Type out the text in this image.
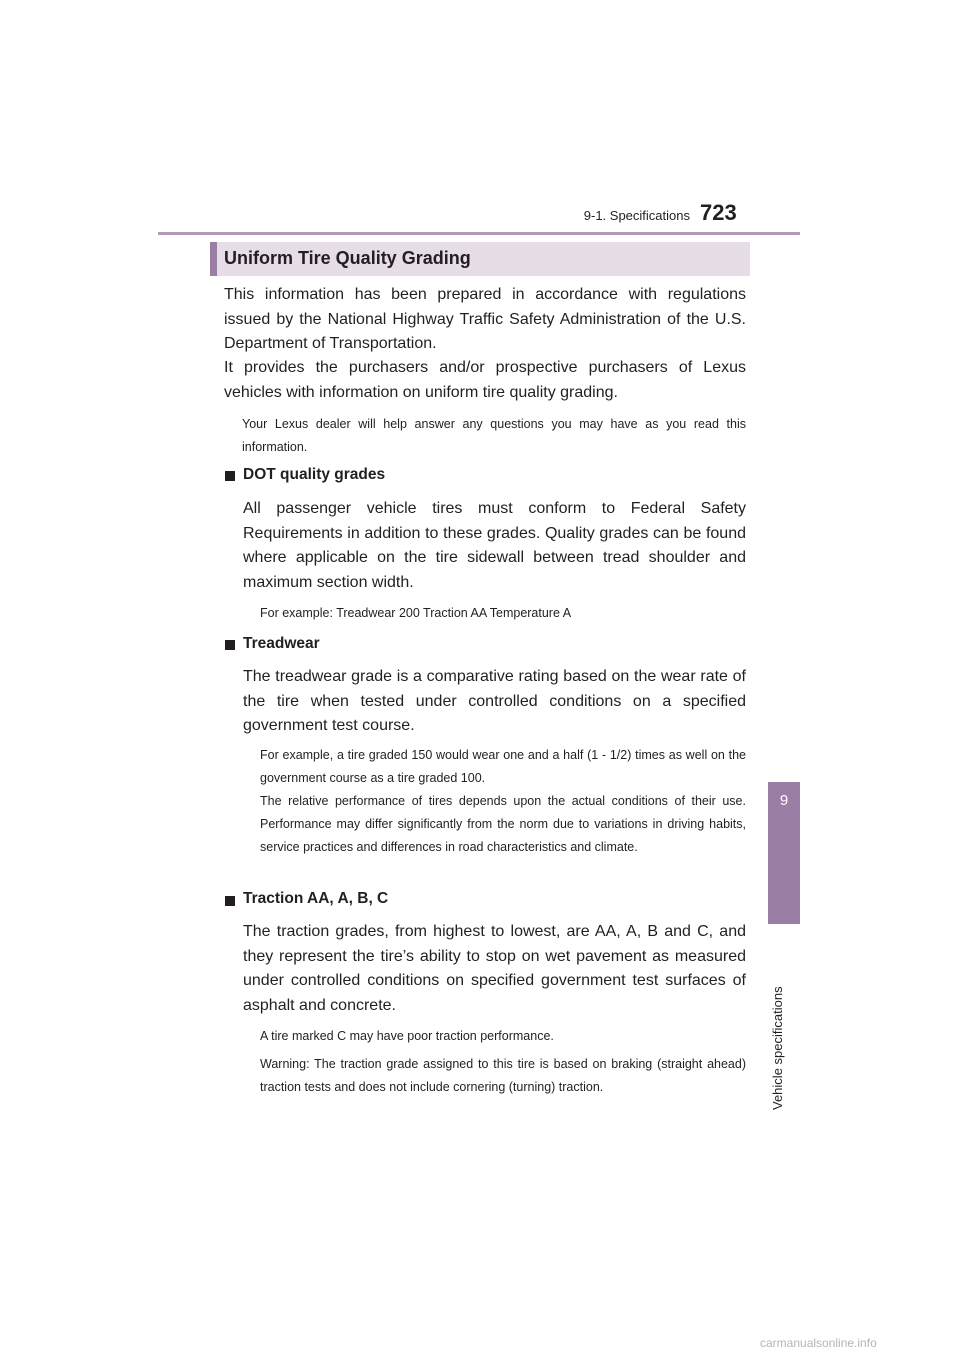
9-1. Specifications 723
9
Vehicle specifications
Uniform Tire Quality Grading
This information has been prepared in accordance with regulations issued by the National Highway Traffic Safety Administration of the U.S. Department of Transportation.
It provides the purchasers and/or prospective purchasers of Lexus vehicles with information on uniform tire quality grading.
Your Lexus dealer will help answer any questions you may have as you read this information.
DOT quality grades
All passenger vehicle tires must conform to Federal Safety Requirements in addition to these grades. Quality grades can be found where applicable on the tire sidewall between tread shoulder and maximum section width.
For example: Treadwear 200 Traction AA Temperature A
Treadwear
The treadwear grade is a comparative rating based on the wear rate of the tire when tested under controlled conditions on a specified government test course.
For example, a tire graded 150 would wear one and a half (1 - 1/2) times as well on the government course as a tire graded 100.
The relative performance of tires depends upon the actual conditions of their use. Performance may differ significantly from the norm due to variations in driving habits, service practices and differences in road characteristics and climate.
Traction AA, A, B, C
The traction grades, from highest to lowest, are AA, A, B and C, and they represent the tire’s ability to stop on wet pavement as measured under controlled conditions on specified government test surfaces of asphalt and concrete.
A tire marked C may have poor traction performance.
Warning: The traction grade assigned to this tire is based on braking (straight ahead) traction tests and does not include cornering (turning) traction.
carmanualsonline.info
